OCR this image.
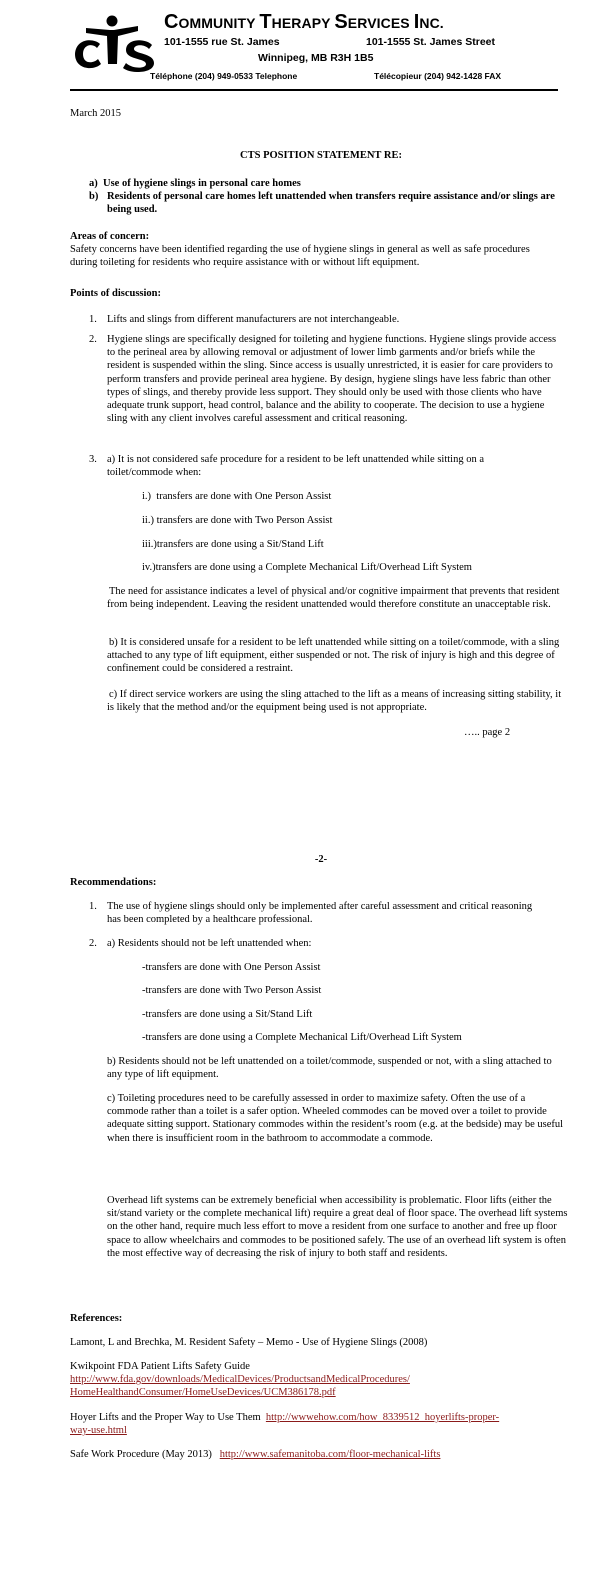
COMMUNITY THERAPY SERVICES INC.
101-1555 rue St. James	101-1555 St. James Street
Winnipeg, MB R3H 1B5
Téléphone (204) 949-0533 Telephone	Télécopieur (204) 942-1428 FAX
March 2015
CTS POSITION STATEMENT RE:
a) Use of hygiene slings in personal care homes
b) Residents of personal care homes left unattended when transfers require assistance and/or slings are being used.
Areas of concern:
Safety concerns have been identified regarding the use of hygiene slings in general as well as safe procedures during toileting for residents who require assistance with or without lift equipment.
Points of discussion:
1. Lifts and slings from different manufacturers are not interchangeable.
2. Hygiene slings are specifically designed for toileting and hygiene functions. Hygiene slings provide access to the perineal area by allowing removal or adjustment of lower limb garments and/or briefs while the resident is suspended within the sling. Since access is usually unrestricted, it is easier for care providers to perform transfers and provide perineal area hygiene. By design, hygiene slings have less fabric than other types of slings, and thereby provide less support. They should only be used with those clients who have adequate trunk support, head control, balance and the ability to cooperate. The decision to use a hygiene sling with any client involves careful assessment and critical reasoning.
3. a) It is not considered safe procedure for a resident to be left unattended while sitting on a toilet/commode when:
i.) transfers are done with One Person Assist
ii.) transfers are done with Two Person Assist
iii.)transfers are done using a Sit/Stand Lift
iv.)transfers are done using a Complete Mechanical Lift/Overhead Lift System
The need for assistance indicates a level of physical and/or cognitive impairment that prevents that resident from being independent. Leaving the resident unattended would therefore constitute an unacceptable risk.
b) It is considered unsafe for a resident to be left unattended while sitting on a toilet/commode, with a sling attached to any type of lift equipment, either suspended or not. The risk of injury is high and this degree of confinement could be considered a restraint.
c) If direct service workers are using the sling attached to the lift as a means of increasing sitting stability, it is likely that the method and/or the equipment being used is not appropriate.
….. page 2
-2-
Recommendations:
1. The use of hygiene slings should only be implemented after careful assessment and critical reasoning has been completed by a healthcare professional.
2. a) Residents should not be left unattended when:
-transfers are done with One Person Assist
-transfers are done with Two Person Assist
-transfers are done using a Sit/Stand Lift
-transfers are done using a Complete Mechanical Lift/Overhead Lift System
b) Residents should not be left unattended on a toilet/commode, suspended or not, with a sling attached to any type of lift equipment.
c) Toileting procedures need to be carefully assessed in order to maximize safety. Often the use of a commode rather than a toilet is a safer option. Wheeled commodes can be moved over a toilet to provide adequate sitting support. Stationary commodes within the resident’s room (e.g. at the bedside) may be useful when there is insufficient room in the bathroom to accommodate a commode.
Overhead lift systems can be extremely beneficial when accessibility is problematic. Floor lifts (either the sit/stand variety or the complete mechanical lift) require a great deal of floor space. The overhead lift systems on the other hand, require much less effort to move a resident from one surface to another and free up floor space to allow wheelchairs and commodes to be positioned safely. The use of an overhead lift system is often the most effective way of decreasing the risk of injury to both staff and residents.
References:
Lamont, L and Brechka, M. Resident Safety – Memo - Use of Hygiene Slings (2008)
Kwikpoint FDA Patient Lifts Safety Guide
http://www.fda.gov/downloads/MedicalDevices/ProductsandMedicalProcedures/
HomeHealthandConsumer/HomeUseDevices/UCM386178.pdf
Hoyer Lifts and the Proper Way to Use Them http://wwwehow.com/how_8339512_hoyerlifts-proper-
way-use.html
Safe Work Procedure (May 2013) http://www.safemanitoba.com/floor-mechanical-lifts
